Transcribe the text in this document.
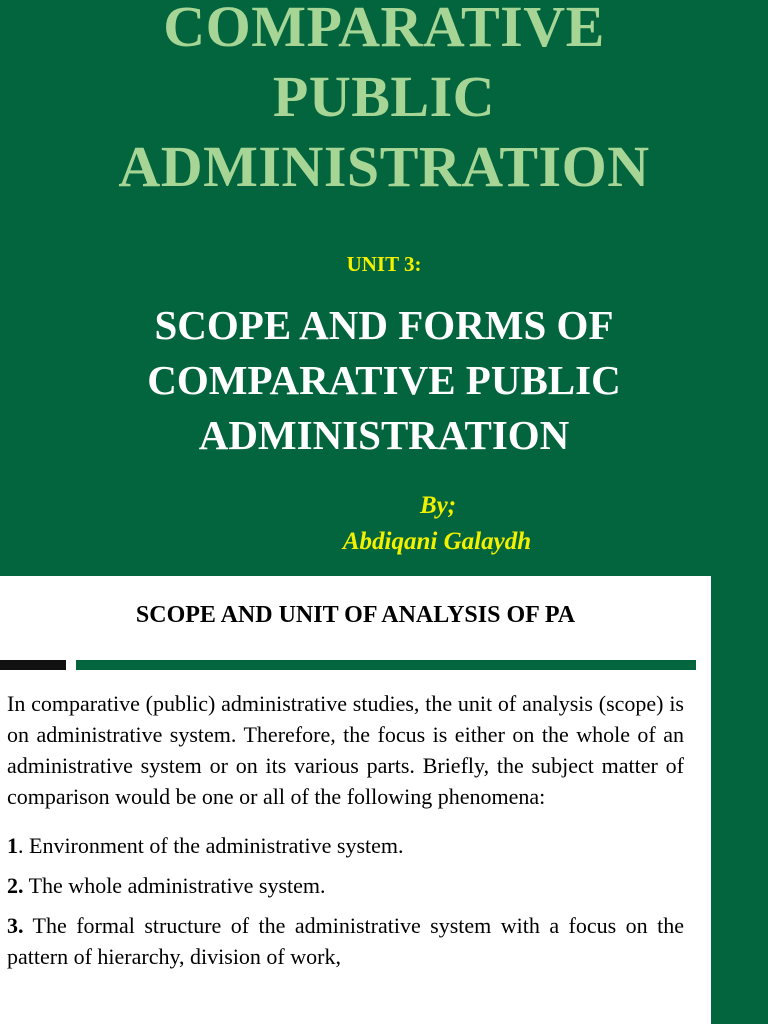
COMPARATIVE
PUBLIC
ADMINISTRATION
UNIT 3:
SCOPE AND FORMS OF
COMPARATIVE PUBLIC
ADMINISTRATION
By;
Abdiqani Galaydh
SCOPE AND UNIT OF ANALYSIS OF PA

In comparative (public) administrative studies, the unit of analysis (scope) is on administrative system. Therefore, the focus is either on the whole of an administrative system or on its various parts. Briefly, the subject matter of comparison would be one or all of the following phenomena:

1. Environment of the administrative system.

2. The whole administrative system.

3. The formal structure of the administrative system with a focus on the pattern of hierarchy, division of work,
